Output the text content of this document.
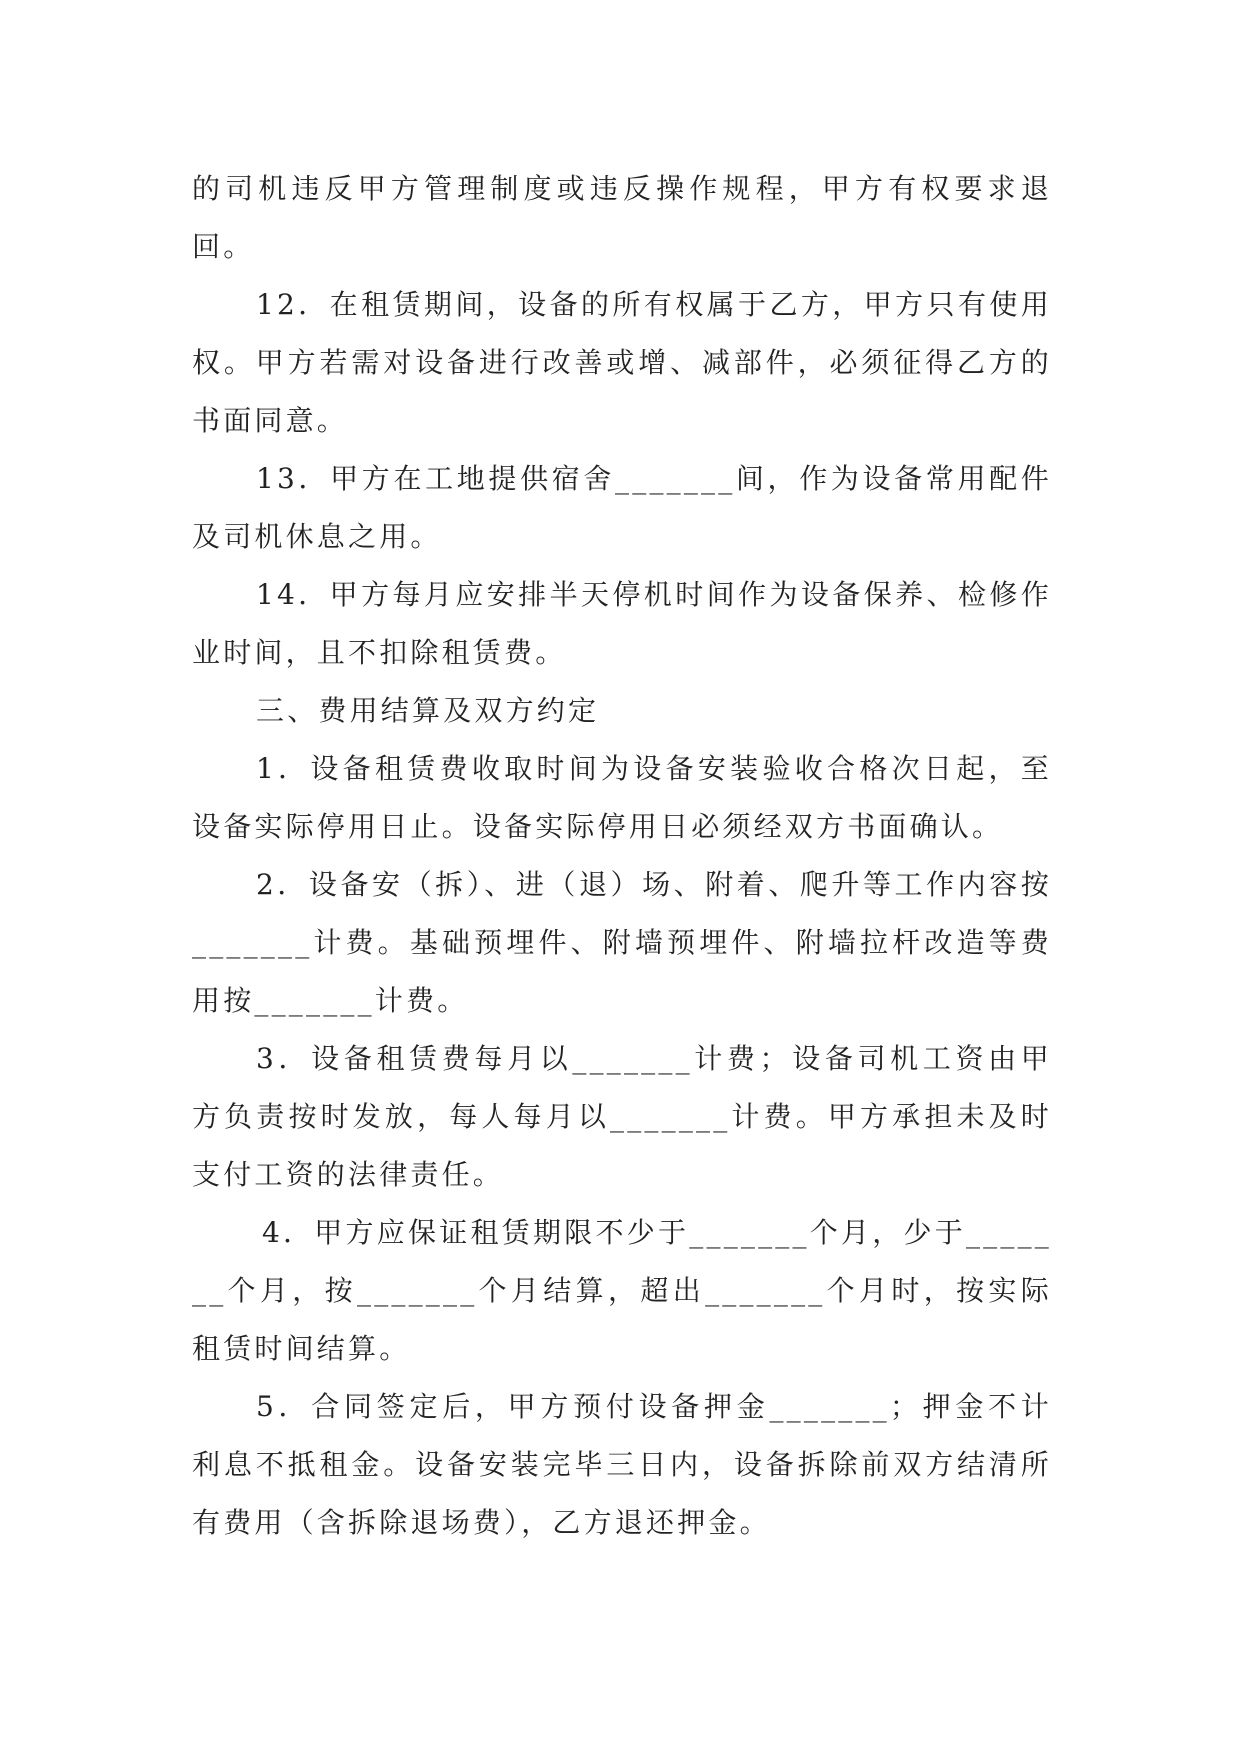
的司机违反甲方管理制度或违反操作规程，甲方有权要求退回。

12．在租赁期间，设备的所有权属于乙方，甲方只有使用权。甲方若需对设备进行改善或增、减部件，必须征得乙方的书面同意。

13．甲方在工地提供宿舍_______间，作为设备常用配件及司机休息之用。

14．甲方每月应安排半天停机时间作为设备保养、检修作业时间，且不扣除租赁费。

三、费用结算及双方约定

1．设备租赁费收取时间为设备安装验收合格次日起，至设备实际停用日止。设备实际停用日必须经双方书面确认。

2．设备安（拆）、进（退）场、附着、爬升等工作内容按_______计费。基础预埋件、附墙预埋件、附墙拉杆改造等费用按_______计费。

3．设备租赁费每月以_______计费；设备司机工资由甲方负责按时发放，每人每月以_______计费。甲方承担未及时支付工资的法律责任。

4．甲方应保证租赁期限不少于_______个月，少于_______个月，按_______个月结算，超出_______个月时，按实际租赁时间结算。

5．合同签定后，甲方预付设备押金_______；押金不计利息不抵租金。设备安装完毕三日内，设备拆除前双方结清所有费用（含拆除退场费），乙方退还押金。
